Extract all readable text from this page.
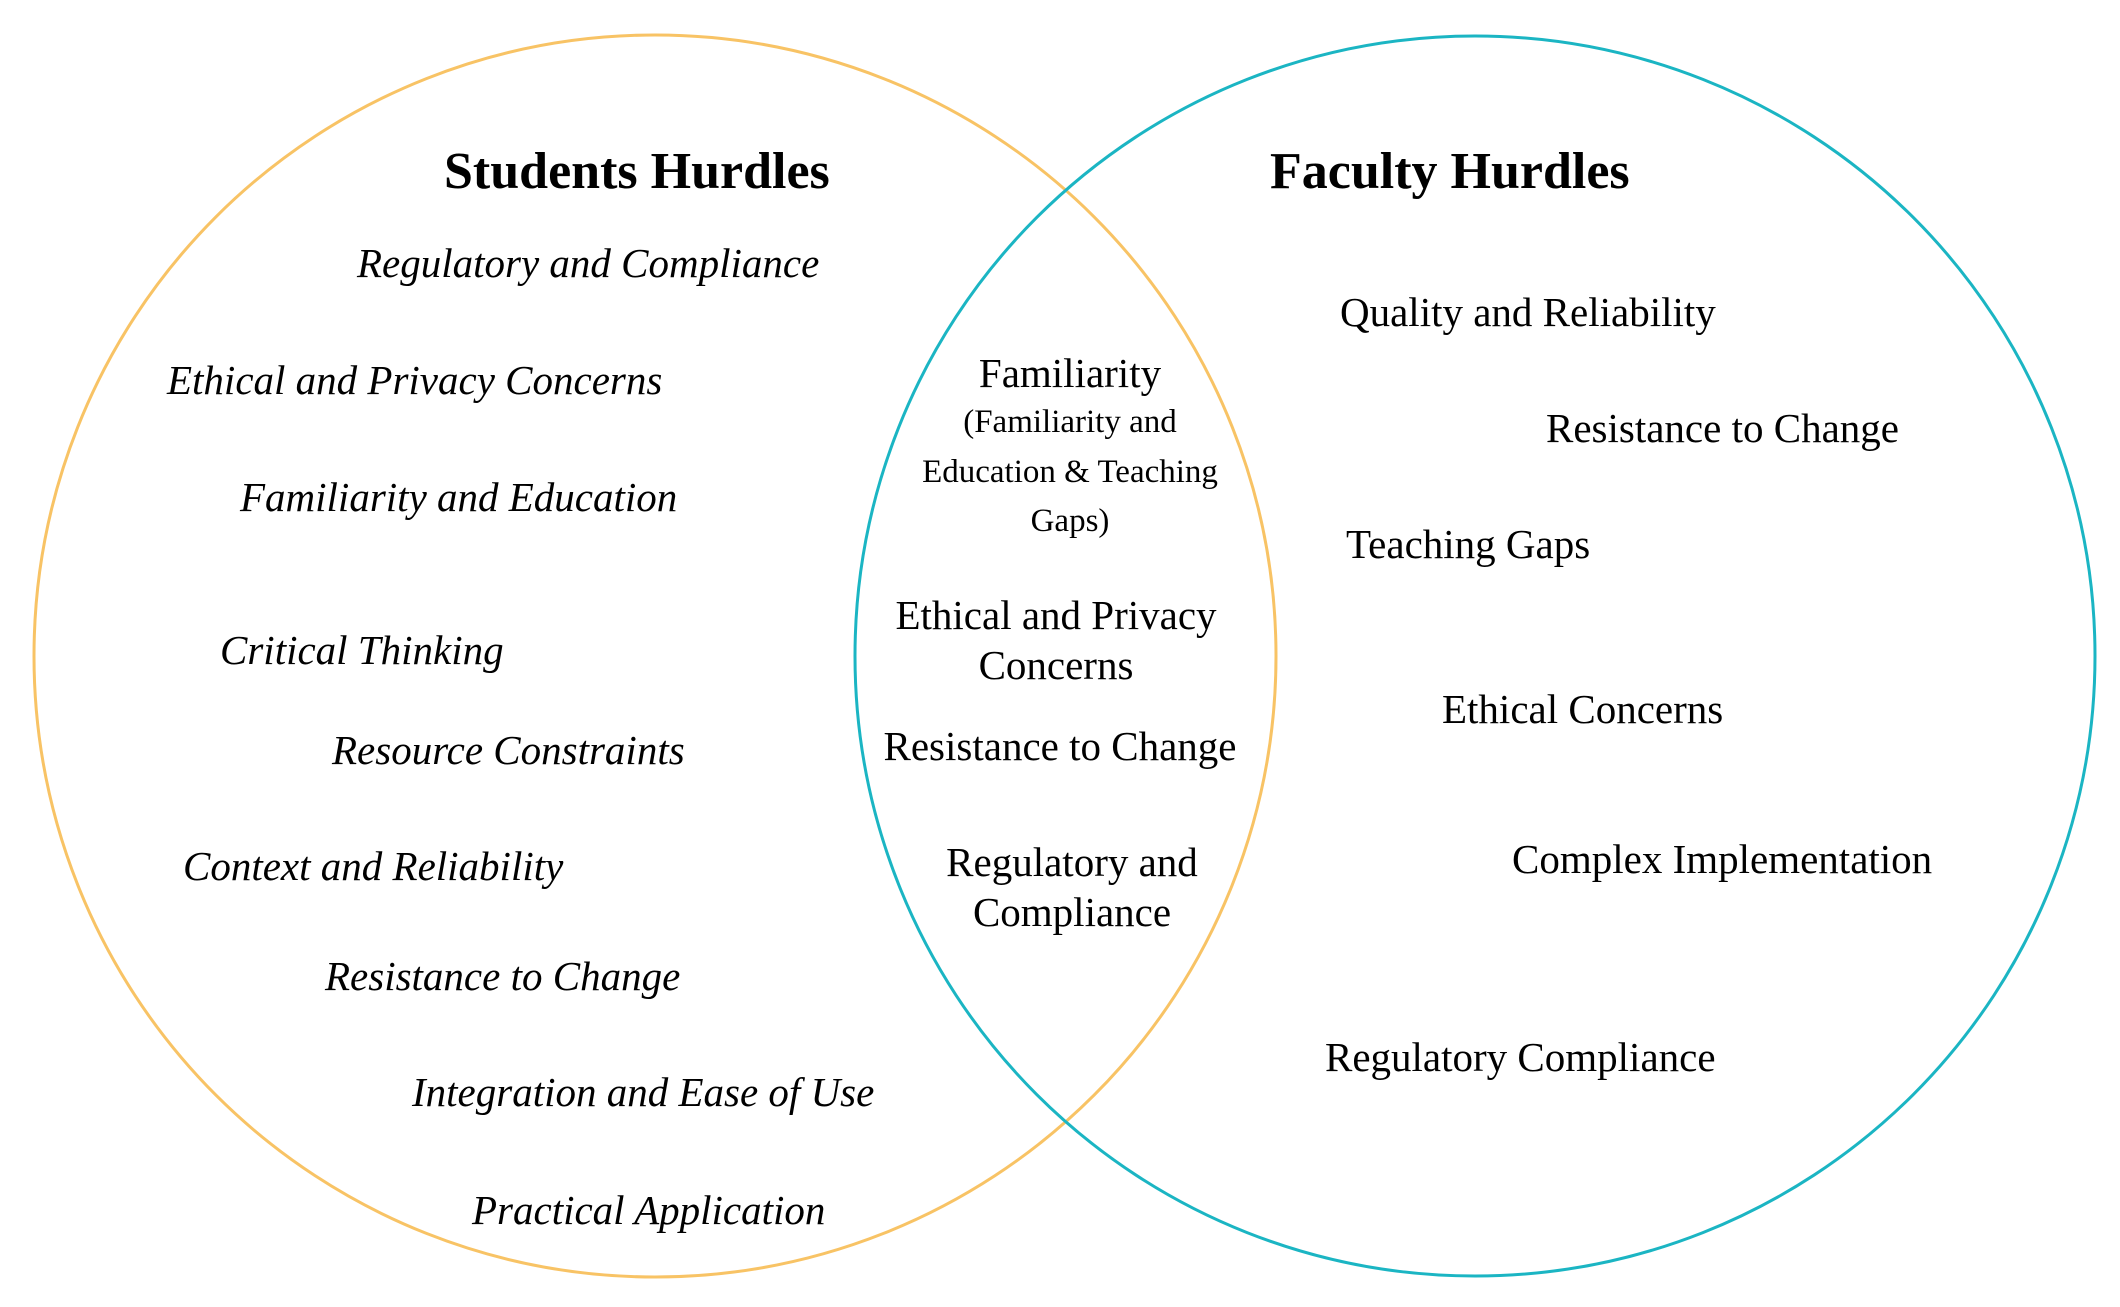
Students Hurdles	Faculty Hurdles
Regulatory and Compliance
Ethical and Privacy Concerns
Familiarity and Education
Critical Thinking
Resource Constraints
Context and Reliability
Resistance to Change
Integration and Ease of Use
Practical Application
Quality and Reliability
Resistance to Change
Teaching Gaps
Ethical Concerns
Complex Implementation
Regulatory Compliance
Familiarity
(Familiarity and
Education & Teaching
Gaps)
Ethical and Privacy
Concerns
Resistance to Change
Regulatory and
Compliance
